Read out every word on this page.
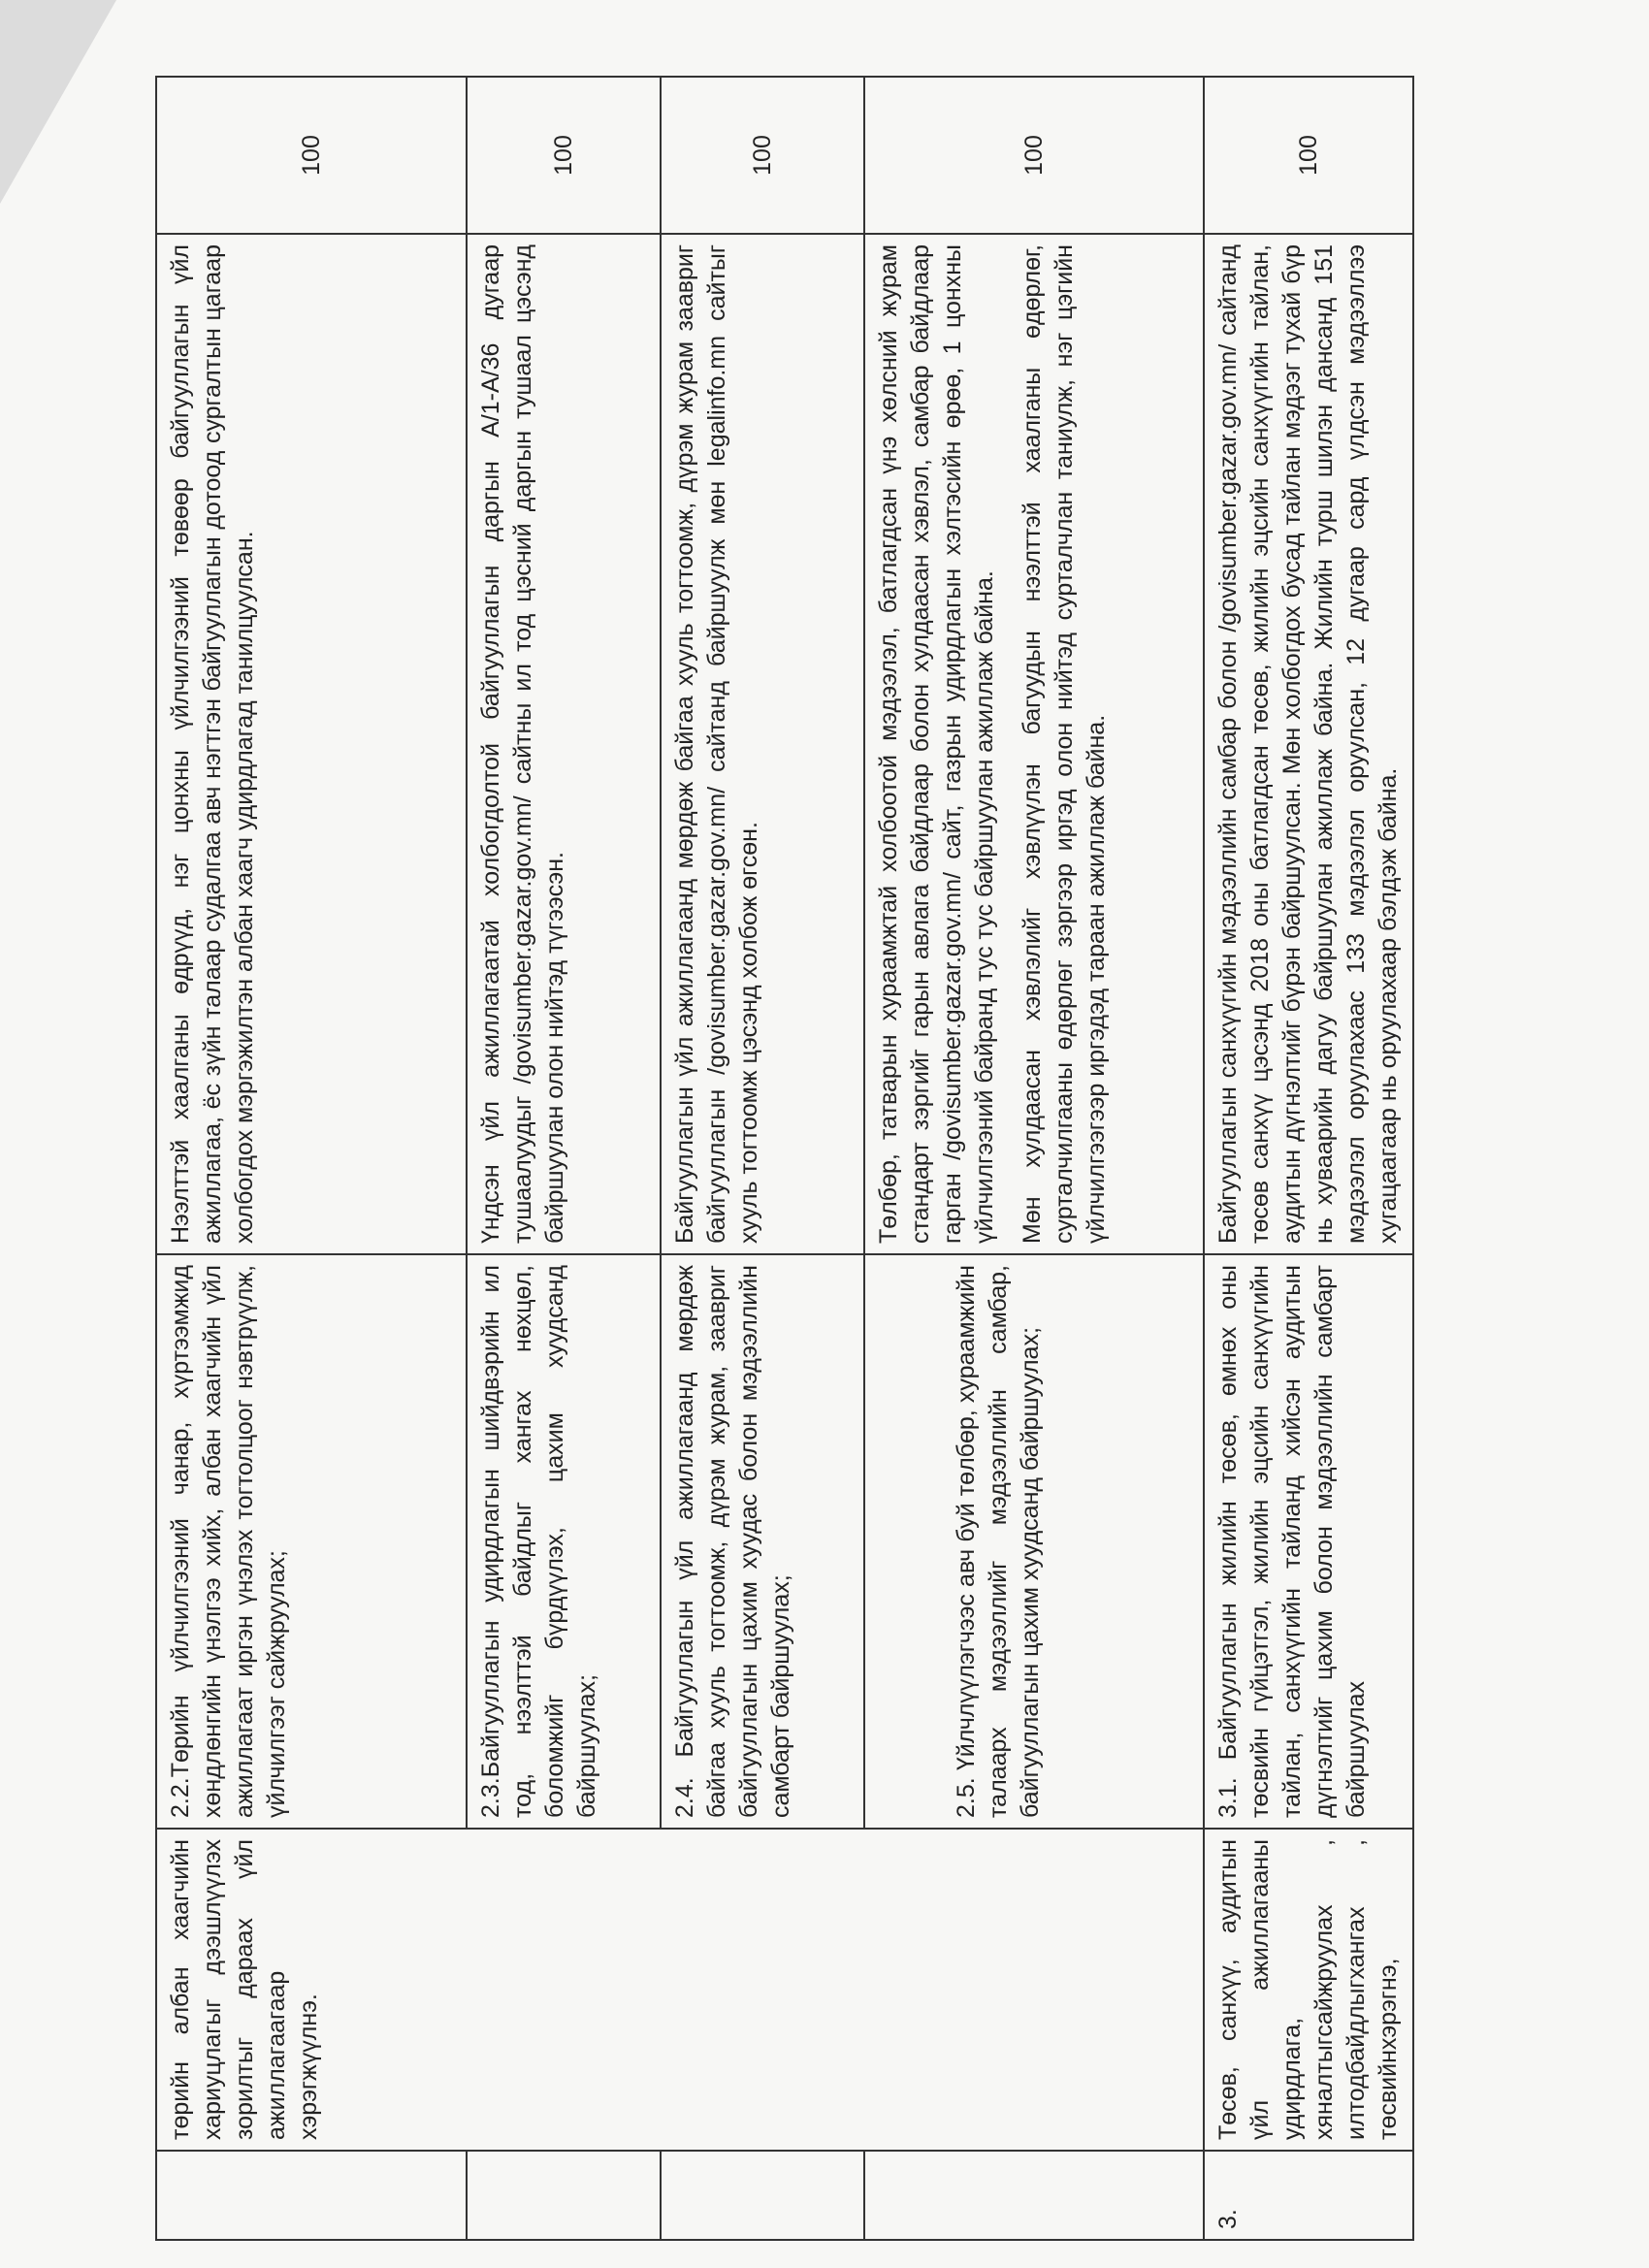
	төрийн албан хаагчийн хариуцлагыг дээшлүүлэх зорилтыг дараах үйл ажиллагаагаар хэрэгжүүлнэ.	2.2.Төрийн үйлчилгээний чанар, хүртээмжид хөндлөнгийн үнэлгээ хийх, албан хаагчийн үйл ажиллагаат иргэн үнэлэх тогтолцоог нэвтрүүлж, үйлчилгээг сайжруулах;	Нээлттэй хаалганы өдрүүд, нэг цонхны үйлчилгээний төвөөр байгууллагын үйл ажиллагаа, ёс зүйн талаар судалгаа авч нэгтгэн байгууллагын дотоод сургалтын цагаар холбогдох мэргэжилтэн албан хаагч удирдлагад танилцуулсан.	100
		2.3.Байгууллагын удирдлагын шийдвэрийн ил тод, нээлттэй байдлыг хангах нөхцөл, боломжийг бүрдүүлэх, цахим хуудсанд байршуулах;	Үндсэн үйл ажиллагаатай холбогдолтой байгууллагын даргын А/1-А/36 дугаар тушаалуудыг /govisumber.gazar.gov.mn/ сайтны ил тод цэсний даргын тушаал цэсэнд байршуулан олон нийтэд түгээсэн.	100
		2.4. Байгууллагын үйл ажиллагаанд мөрдөж байгаа хууль тогтоомж, дүрэм журам, заавриг байгууллагын цахим хуудас болон мэдээллийн самбарт байршуулах;	Байгууллагын үйл ажиллагаанд мөрдөж байгаа хууль тогтоомж, дүрэм журам заавриг байгууллагын /govisumber.gazar.gov.mn/ сайтанд байршуулж мөн legalinfo.mn сайтыг хууль тогтоомж цэсэнд холбож өгсөн.	100

		2.5. Үйлчлүүлэгчээс авч буй төлбөр, хураамжийн талаарх мэдээллийг мэдээллийн самбар, байгууллагын цахим хуудсанд байршуулах;	Төлбөр, татварын хураамжтай холбоотой мэдээлэл, батлагдсан үнэ хөлсний журам стандарт зэргийг гарын авлага байдлаар болон хулдаасан хэвлэл, самбар байдлаар гарган /govisumber.gazar.gov.mn/ сайт, газрын удирдлагын хэлтэсийн өрөө, 1 цонхны үйлчилгээний байранд тус тус байршуулан ажиллаж байна. Мөн хулдаасан хэвлэлийг хэвлүүлэн багуудын нээлттэй хаалганы өдөрлөг, сурталчилгааны өдөрлөг зэргээр иргэд олон нийтэд сурталчлан таниулж, нэг цэгийн үйлчилгээгээр иргэдэд тараан ажиллаж байна.	100
3.	Төсөв, санхүү, аудитын үйл ажиллагааны удирдлага, хяналтыгсайжруулах , илтодбайдлыгхангах , төсвийнхэрэгнэ,	3.1. Байгууллагын жилийн төсөв, өмнөх оны төсвийн гүйцэтгэл, жилийн эцсийн санхүүгийн тайлан, санхүүгийн тайланд хийсэн аудитын дүгнэлтийг цахим болон мэдээллийн самбарт байршуулах	Байгууллагын санхүүгийн мэдээллийн самбар болон /govisumber.gazar.gov.mn/ сайтанд төсөв санхүү цэсэнд 2018 оны батлагдсан төсөв, жилийн эцсийн санхүүгийн тайлан, аудитын дүгнэлтийг бүрэн байршуулсан. Мөн холбогдох бусад тайлан мэдээг тухай бүр нь хуваарийн дагуу байршуулан ажиллаж байна. Жилийн турш шилэн дансанд 151 мэдээлэл оруулахаас 133 мэдээлэл оруулсан, 12 дугаар сард үлдсэн мэдээллээ хугацаагаар нь оруулахаар бэлдэж байна.	100
